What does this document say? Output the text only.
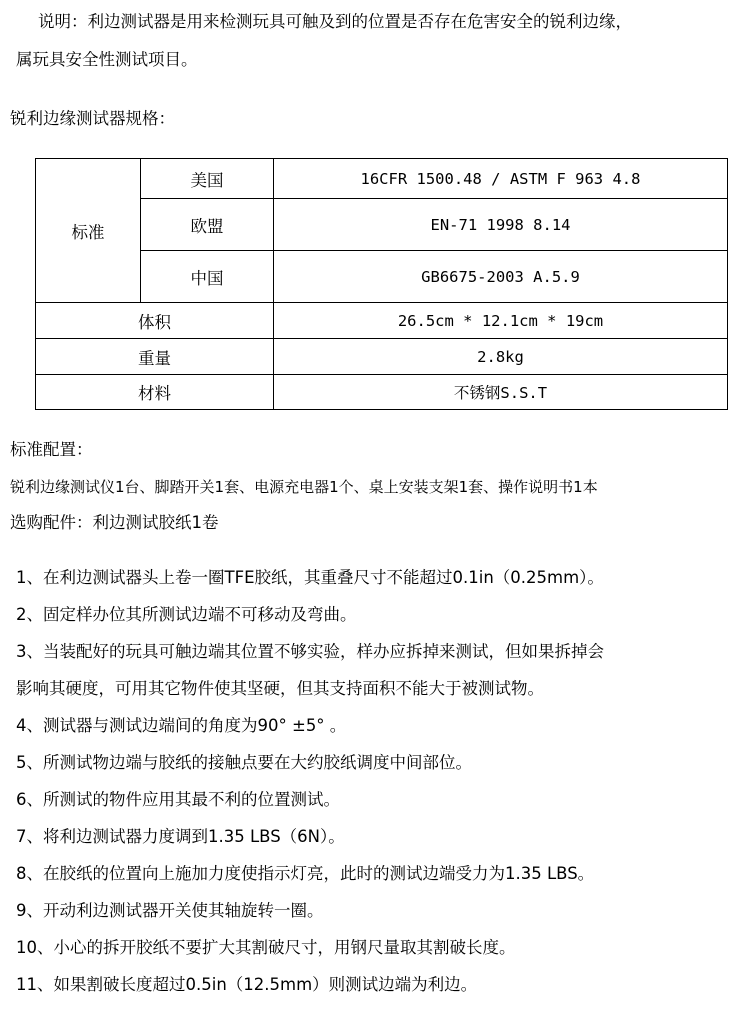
说明：利边测试器是用来检测玩具可触及到的位置是否存在危害安全的锐利边缘，
属玩具安全性测试项目。
锐利边缘测试器规格：
标准	美国	16CFR 1500.48 / ASTM F 963 4.8
	欧盟	EN-71 1998 8.14
	中国	GB6675-2003 A.5.9
体积		26.5cm * 12.1cm * 19cm
重量		2.8kg
材料		不锈钢S.S.T
标准配置：
锐利边缘测试仪1台、脚踏开关1套、电源充电器1个、桌上安装支架1套、操作说明书1本
选购配件：利边测试胶纸1卷
1、在利边测试器头上卷一圈TFE胶纸，其重叠尺寸不能超过0.1in（0.25mm）。
2、固定样办位其所测试边端不可移动及弯曲。
3、当装配好的玩具可触边端其位置不够实验，样办应拆掉来测试，但如果拆掉会
影响其硬度，可用其它物件使其坚硬，但其支持面积不能大于被测试物。
4、测试器与测试边端间的角度为90° ±5° 。
5、所测试物边端与胶纸的接触点要在大约胶纸调度中间部位。
6、所测试的物件应用其最不利的位置测试。
7、将利边测试器力度调到1.35 LBS（6N）。
8、在胶纸的位置向上施加力度使指示灯亮，此时的测试边端受力为1.35 LBS。
9、开动利边测试器开关使其轴旋转一圈。
10、小心的拆开胶纸不要扩大其割破尺寸，用钢尺量取其割破长度。
11、如果割破长度超过0.5in（12.5mm）则测试边端为利边。
